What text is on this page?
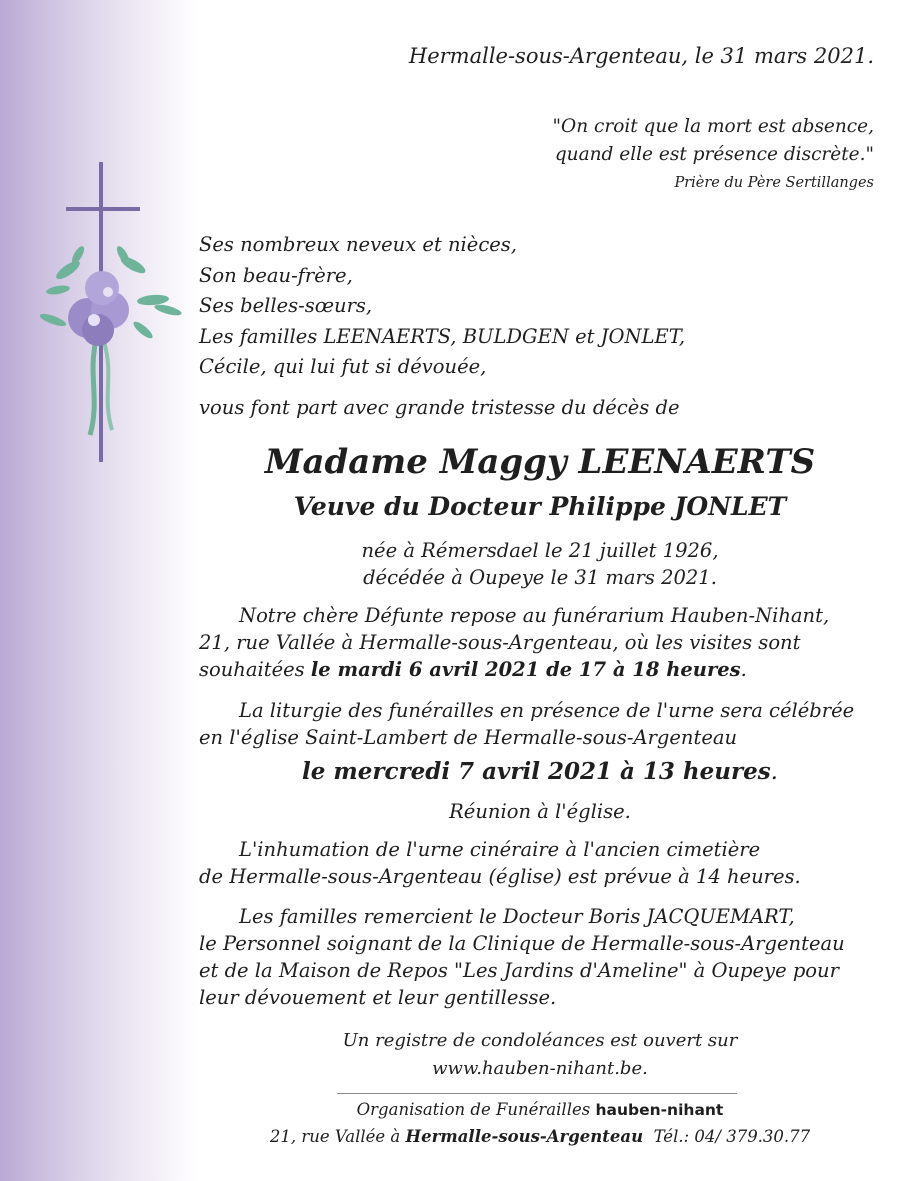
Hermalle-sous-Argenteau, le 31 mars 2021.
"On croit que la mort est absence,
quand elle est présence discrète."
Prière du Père Sertillanges
Ses nombreux neveux et nièces,
Son beau-frère,
Ses belles-sœurs,
Les familles LEENAERTS, BULDGEN et JONLET,
Cécile, qui lui fut si dévouée,
vous font part avec grande tristesse du décès de
Madame Maggy LEENAERTS
Veuve du Docteur Philippe JONLET
née à Rémersdael le 21 juillet 1926,
décédée à Oupeye le 31 mars 2021.
Notre chère Défunte repose au funérarium Hauben-Nihant,
21, rue Vallée à Hermalle-sous-Argenteau, où les visites sont
souhaitées le mardi 6 avril 2021 de 17 à 18 heures.
La liturgie des funérailles en présence de l'urne sera célébrée
en l'église Saint-Lambert de Hermalle-sous-Argenteau
le mercredi 7 avril 2021 à 13 heures.
Réunion à l'église.
L'inhumation de l'urne cinéraire à l'ancien cimetière
de Hermalle-sous-Argenteau (église) est prévue à 14 heures.
Les familles remercient le Docteur Boris JACQUEMART,
le Personnel soignant de la Clinique de Hermalle-sous-Argenteau
et de la Maison de Repos "Les Jardins d'Ameline" à Oupeye pour
leur dévouement et leur gentillesse.
Un registre de condoléances est ouvert sur
www.hauben-nihant.be.
Organisation de Funérailles hauben-nihant
21, rue Vallée à Hermalle-sous-Argenteau Tél.: 04/ 379.30.77
